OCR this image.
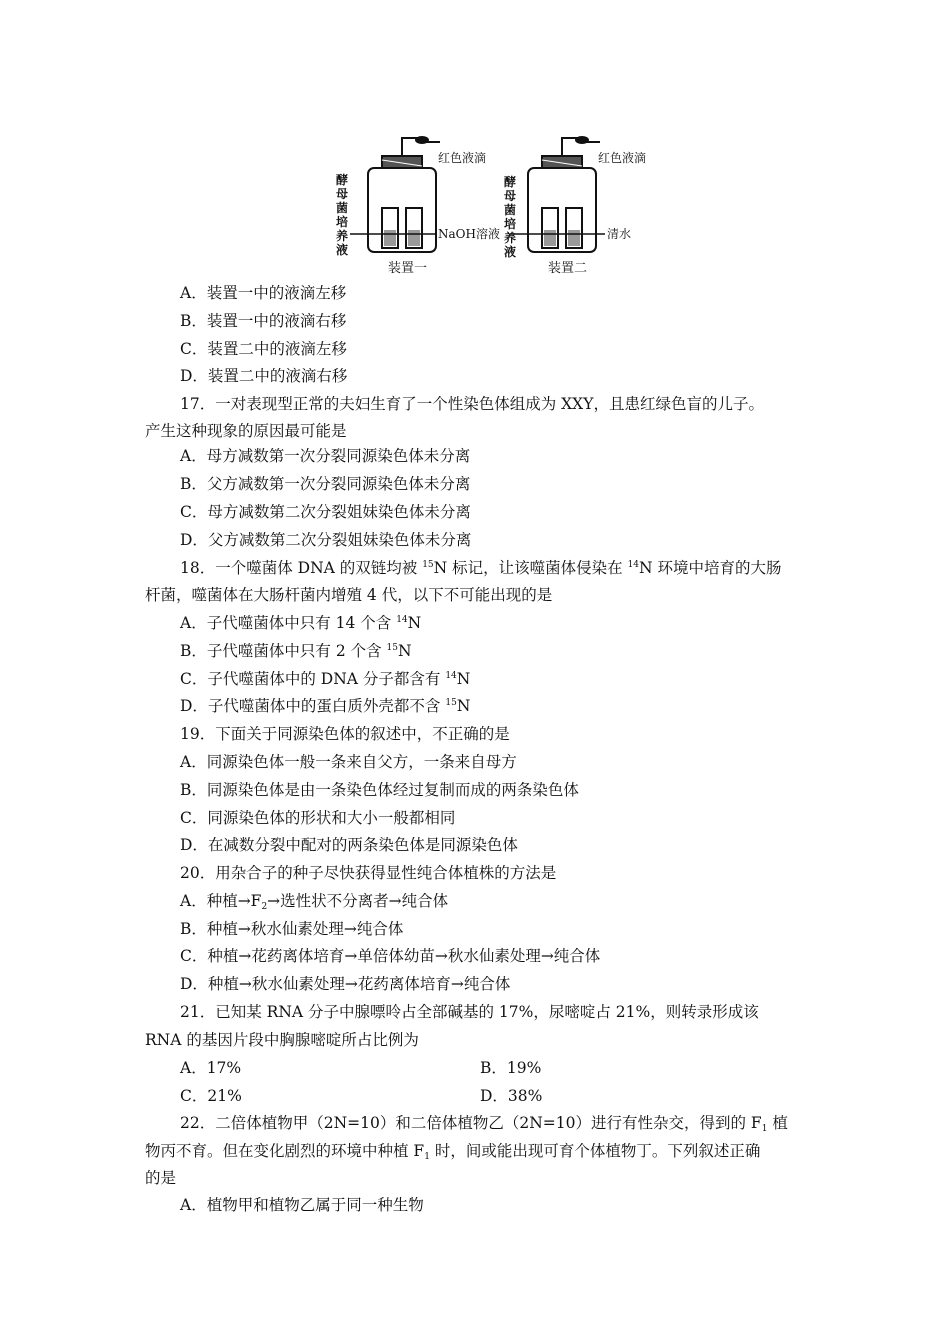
红色液滴	红色液滴
酵
母
菌
培
养
液
酵
母
菌
培
养
液
NaOH溶液	清水
装置一	装置二
A．装置一中的液滴左移
B．装置一中的液滴右移
C．装置二中的液滴左移
D．装置二中的液滴右移
17．一对表现型正常的夫妇生育了一个性染色体组成为 XXY，且患红绿色盲的儿子。
产生这种现象的原因最可能是
A．母方减数第一次分裂同源染色体未分离
B．父方减数第一次分裂同源染色体未分离
C．母方减数第二次分裂姐妹染色体未分离
D．父方减数第二次分裂姐妹染色体未分离
18．一个噬菌体 DNA 的双链均被 $^{15}$N 标记，让该噬菌体侵染在 $^{14}$N 环境中培育的大肠
杆菌，噬菌体在大肠杆菌内增殖 4 代，以下不可能出现的是
A．子代噬菌体中只有 14 个含 $^{14}$N
B．子代噬菌体中只有 2 个含 $^{15}$N
C．子代噬菌体中的 DNA 分子都含有 $^{14}$N
D．子代噬菌体中的蛋白质外壳都不含 $^{15}$N
19．下面关于同源染色体的叙述中，不正确的是
A．同源染色体一般一条来自父方，一条来自母方
B．同源染色体是由一条染色体经过复制而成的两条染色体
C．同源染色体的形状和大小一般都相同
D．在减数分裂中配对的两条染色体是同源染色体
20．用杂合子的种子尽快获得显性纯合体植株的方法是
A．种植$\to F_2\to$选性状不分离者→纯合体
B．种植→秋水仙素处理→纯合体
C．种植→花药离体培育→单倍体幼苗→秋水仙素处理→纯合体
D．种植→秋水仙素处理→花药离体培育→纯合体
21．已知某 RNA 分子中腺嘌呤占全部碱基的 17%，尿嘧啶占 21%，则转录形成该
RNA 的基因片段中胸腺嘧啶所占比例为
A．17%	B．19%
C．21%	D．38%
22．二倍体植物甲（2N=10）和二倍体植物乙（2N=10）进行有性杂交，得到的 $F_1$ 植
物丙不育。但在变化剧烈的环境中种植 $F_1$ 时，间或能出现可育个体植物丁。下列叙述正确
的是
A．植物甲和植物乙属于同一种生物
